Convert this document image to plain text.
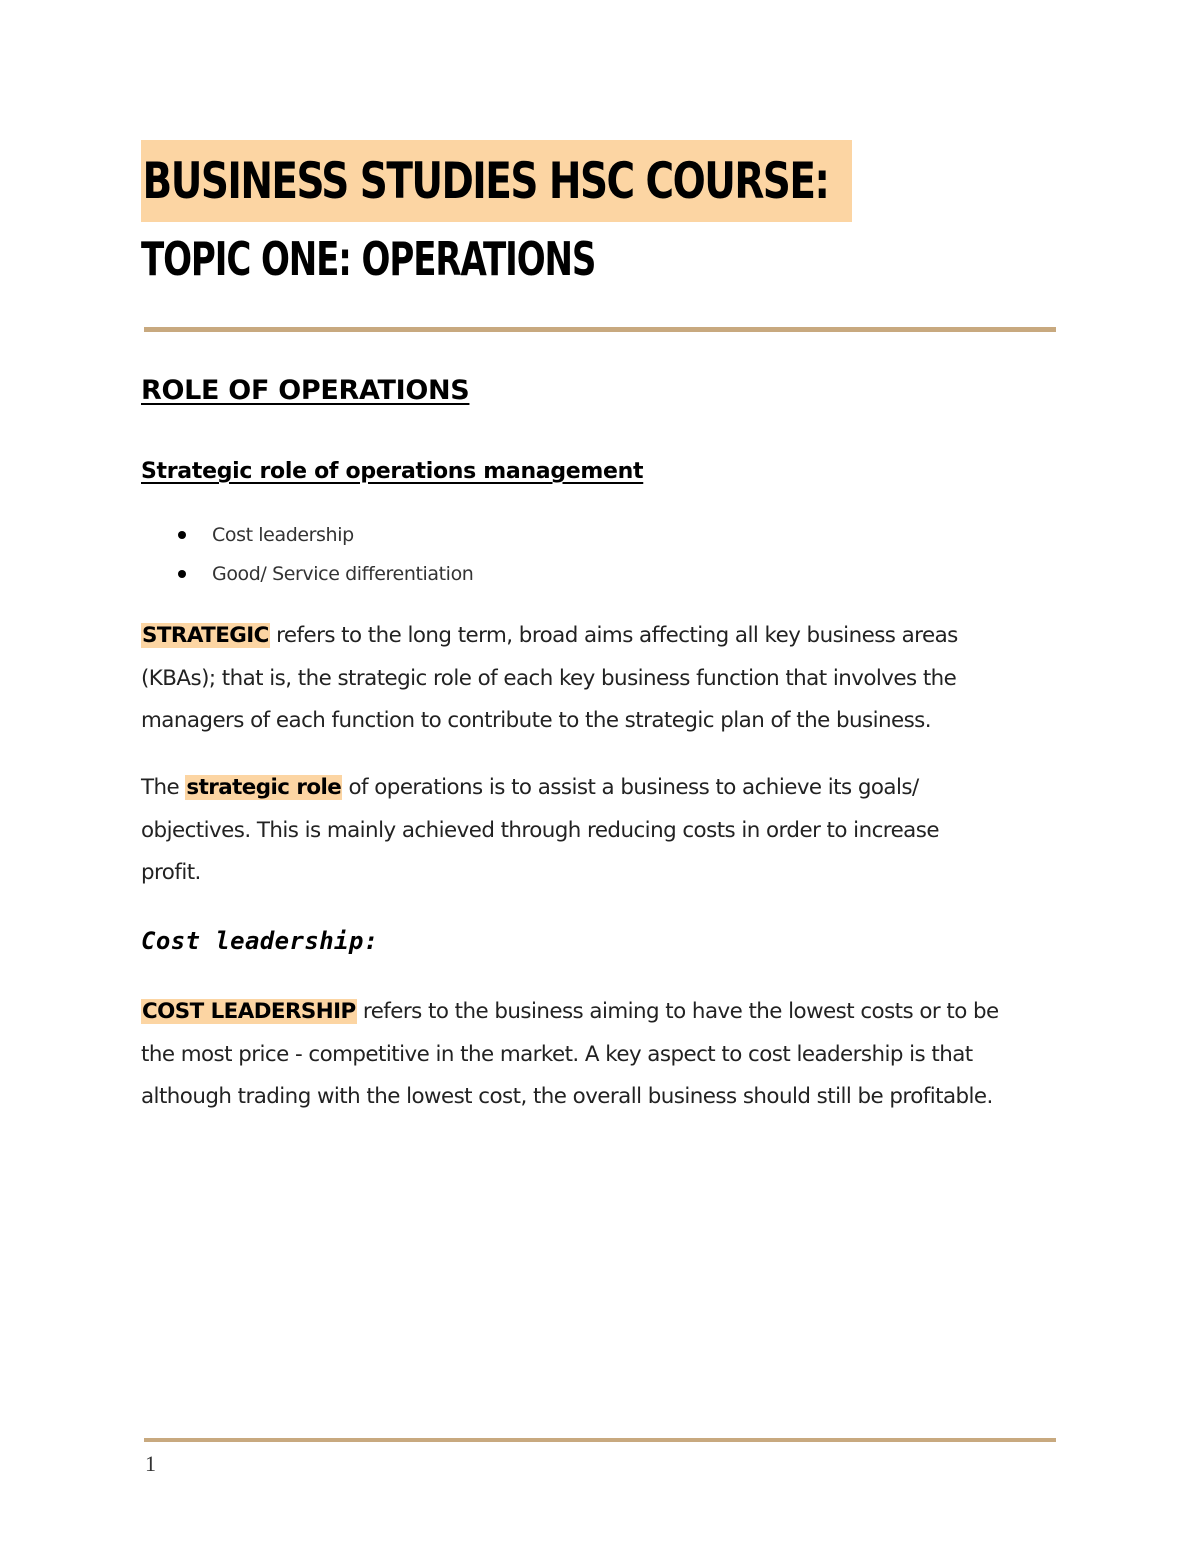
BUSINESS STUDIES HSC COURSE:
TOPIC ONE: OPERATIONS
ROLE OF OPERATIONS
Strategic role of operations management
Cost leadership
Good/ Service differentiation

STRATEGIC refers to the long term, broad aims affecting all key business areas
(KBAs); that is, the strategic role of each key business function that involves the
managers of each function to contribute to the strategic plan of the business.

The strategic role of operations is to assist a business to achieve its goals/
objectives. This is mainly achieved through reducing costs in order to increase
profit.

Cost leadership:

COST LEADERSHIP refers to the business aiming to have the lowest costs or to be
the most price - competitive in the market. A key aspect to cost leadership is that
although trading with the lowest cost, the overall business should still be profitable.

1
